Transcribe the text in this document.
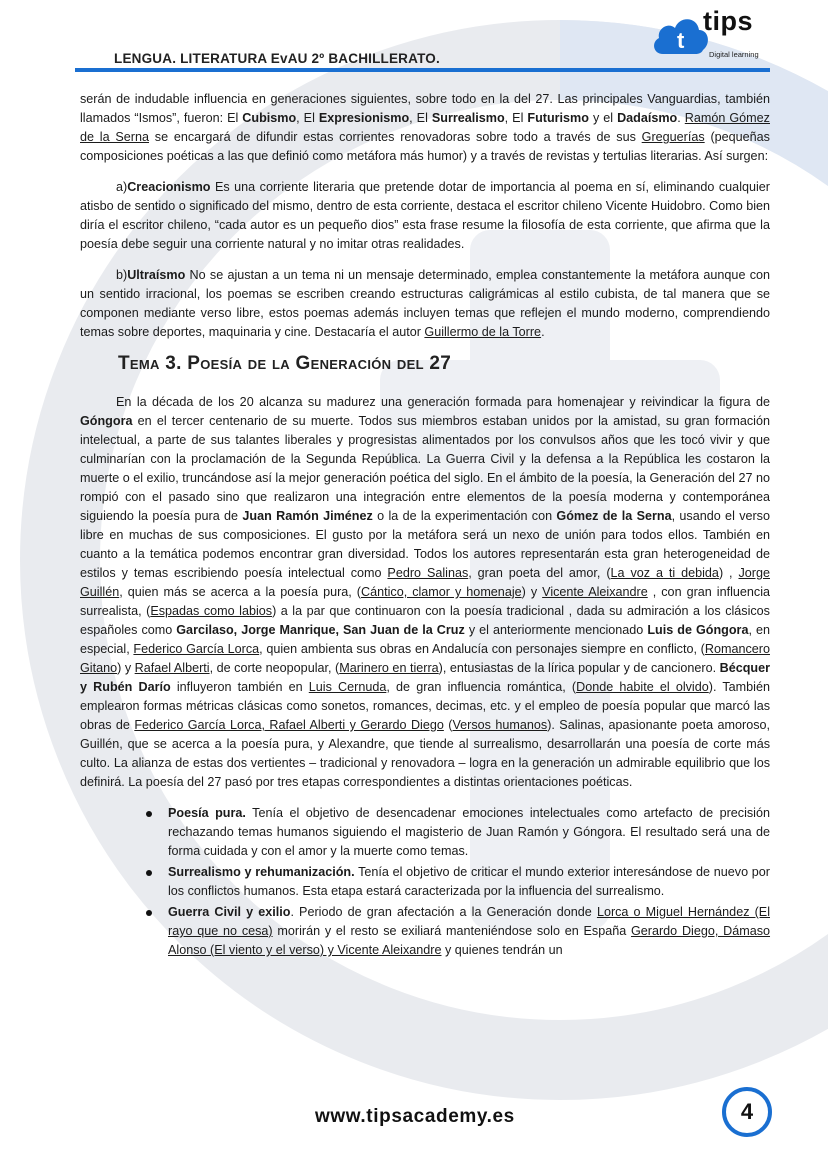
LENGUA. LITERATURA EvAU 2º BACHILLERATO.
t
tips
Digital learning

serán de indudable influencia en generaciones siguientes, sobre todo en la del 27. Las principales Vanguardias, también llamados “Ismos”, fueron: El Cubismo, El Expresionismo, El Surrealismo, El Futurismo y el Dadaísmo. Ramón Gómez de la Serna se encargará de difundir estas corrientes renovadoras sobre todo a través de sus Greguerías (pequeñas composiciones poéticas a las que definió como metáfora más humor) y a través de revistas y tertulias literarias. Así surgen:

a)Creacionismo Es una corriente literaria que pretende dotar de importancia al poema en sí, eliminando cualquier atisbo de sentido o significado del mismo, dentro de esta corriente, destaca el escritor chileno Vicente Huidobro. Como bien diría el escritor chileno, “cada autor es un pequeño dios” esta frase resume la filosofía de esta corriente, que afirma que la poesía debe seguir una corriente natural y no imitar otras realidades.

b)Ultraísmo No se ajustan a un tema ni un mensaje determinado, emplea constantemente la metáfora aunque con un sentido irracional, los poemas se escriben creando estructuras caligrámicas al estilo cubista, de tal manera que se componen mediante verso libre, estos poemas además incluyen temas que reflejen el mundo moderno, comprendiendo temas sobre deportes, maquinaria y cine. Destacaría el autor Guillermo de la Torre.

Tema 3. Poesía de la Generación del 27

En la década de los 20 alcanza su madurez una generación formada para homenajear y reivindicar la figura de Góngora en el tercer centenario de su muerte. Todos sus miembros estaban unidos por la amistad, su gran formación intelectual, a parte de sus talantes liberales y progresistas alimentados por los convulsos años que les tocó vivir y que culminarían con la proclamación de la Segunda República. La Guerra Civil y la defensa a la República les costaron la muerte o el exilio, truncándose así la mejor generación poética del siglo. En el ámbito de la poesía, la Generación del 27 no rompió con el pasado sino que realizaron una integración entre elementos de la poesía moderna y contemporánea siguiendo la poesía pura de Juan Ramón Jiménez o la de la experimentación con Gómez de la Serna, usando el verso libre en muchas de sus composiciones. El gusto por la metáfora será un nexo de unión para todos ellos. También en cuanto a la temática podemos encontrar gran diversidad. Todos los autores representarán esta gran heterogeneidad de estilos y temas escribiendo poesía intelectual como Pedro Salinas, gran poeta del amor, (La voz a ti debida) , Jorge Guillén, quien más se acerca a la poesía pura, (Cántico, clamor y homenaje) y Vicente Aleixandre , con gran influencia surrealista, (Espadas como labios) a la par que continuaron con la poesía tradicional , dada su admiración a los clásicos españoles como Garcilaso, Jorge Manrique, San Juan de la Cruz y el anteriormente mencionado Luis de Góngora, en especial, Federico García Lorca, quien ambienta sus obras en Andalucía con personajes siempre en conflicto, (Romancero Gitano) y Rafael Alberti, de corte neopopular, (Marinero en tierra), entusiastas de la lírica popular y de cancionero. Bécquer y Rubén Darío influyeron también en Luis Cernuda, de gran influencia romántica, (Donde habite el olvido). También emplearon formas métricas clásicas como sonetos, romances, decimas, etc. y el empleo de poesía popular que marcó las obras de Federico García Lorca, Rafael Alberti y Gerardo Diego (Versos humanos). Salinas, apasionante poeta amoroso, Guillén, que se acerca a la poesía pura, y Alexandre, que tiende al surrealismo, desarrollarán una poesía de corte más culto. La alianza de estas dos vertientes – tradicional y renovadora – logra en la generación un admirable equilibrio que los definirá. La poesía del 27 pasó por tres etapas correspondientes a distintas orientaciones poéticas.

Poesía pura. Tenía el objetivo de desencadenar emociones intelectuales como artefacto de precisión rechazando temas humanos siguiendo el magisterio de Juan Ramón y Góngora. El resultado será una de forma cuidada y con el amor y la muerte como temas.
Surrealismo y rehumanización. Tenía el objetivo de criticar el mundo exterior interesándose de nuevo por los conflictos humanos. Esta etapa estará caracterizada por la influencia del surrealismo.
Guerra Civil y exilio. Periodo de gran afectación a la Generación donde Lorca o Miguel Hernández (El rayo que no cesa) morirán y el resto se exiliará manteniéndose solo en España Gerardo Diego, Dámaso Alonso (El viento y el verso) y Vicente Aleixandre y quienes tendrán un
www.tipsacademy.es	4
